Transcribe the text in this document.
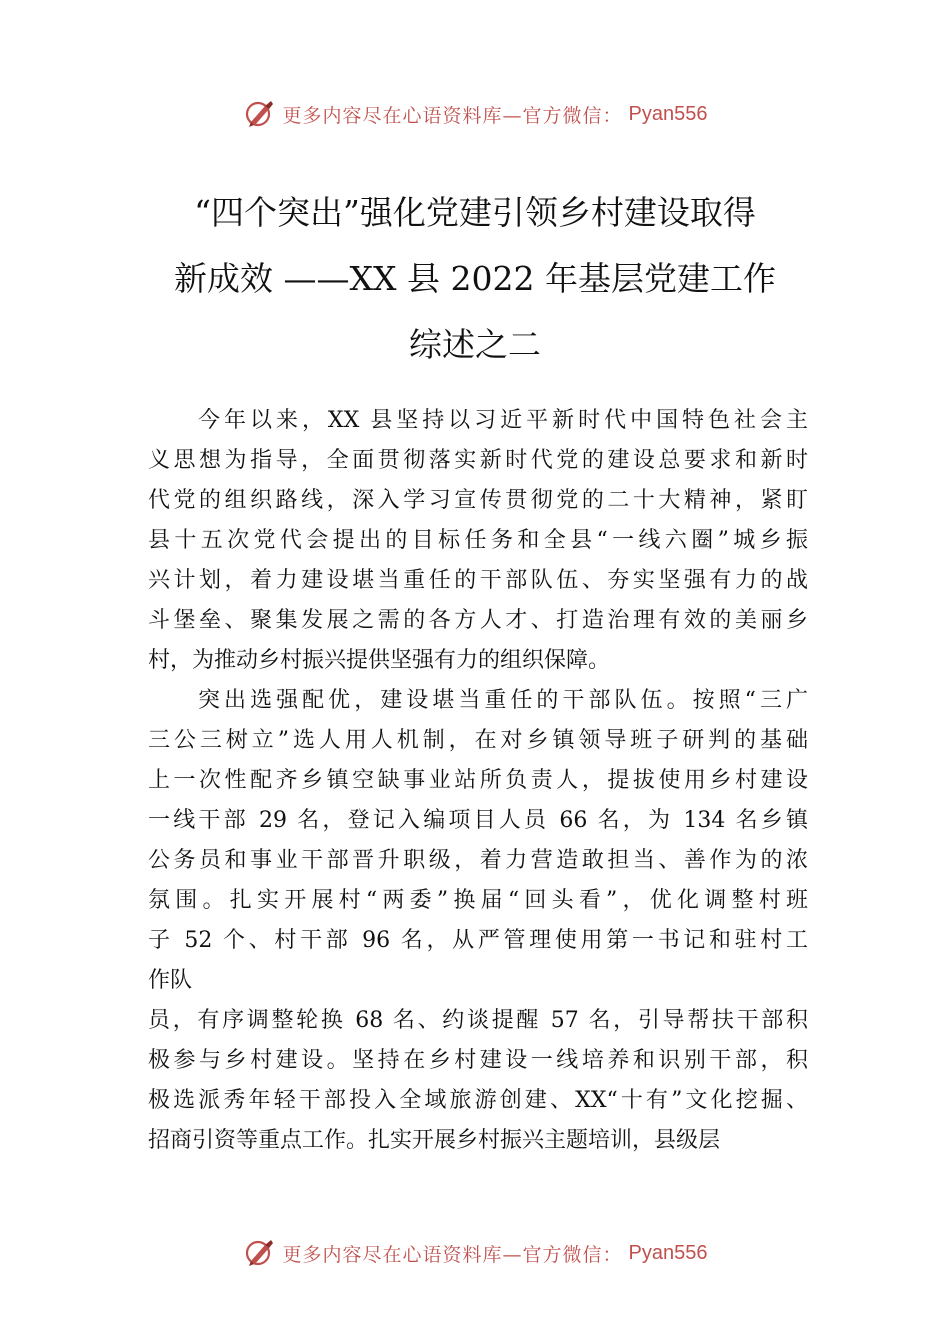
更多内容尽在心语资料库—官方微信： Pyan556
“四个突出”强化党建引领乡村建设取得
新成效 ——XX 县 2022 年基层党建工作
综述之二
今年以来，XX 县坚持以习近平新时代中国特色社会主
义思想为指导，全面贯彻落实新时代党的建设总要求和新时
代党的组织路线，深入学习宣传贯彻党的二十大精神，紧盯
县十五次党代会提出的目标任务和全县“一线六圈”城乡振
兴计划，着力建设堪当重任的干部队伍、夯实坚强有力的战
斗堡垒、聚集发展之需的各方人才、打造治理有效的美丽乡
村，为推动乡村振兴提供坚强有力的组织保障。
突出选强配优，建设堪当重任的干部队伍。按照“三广
三公三树立”选人用人机制，在对乡镇领导班子研判的基础
上一次性配齐乡镇空缺事业站所负责人，提拔使用乡村建设
一线干部 29 名，登记入编项目人员 66 名，为 134 名乡镇
公务员和事业干部晋升职级，着力营造敢担当、善作为的浓
氛围。扎实开展村“两委”换届“回头看”，优化调整村班
子 52 个、村干部 96 名，从严管理使用第一书记和驻村工
作队
员，有序调整轮换 68 名、约谈提醒 57 名，引导帮扶干部积
极参与乡村建设。坚持在乡村建设一线培养和识别干部，积
极选派秀年轻干部投入全域旅游创建、XX“十有”文化挖掘、
招商引资等重点工作。扎实开展乡村振兴主题培训，县级层
更多内容尽在心语资料库—官方微信： Pyan556
